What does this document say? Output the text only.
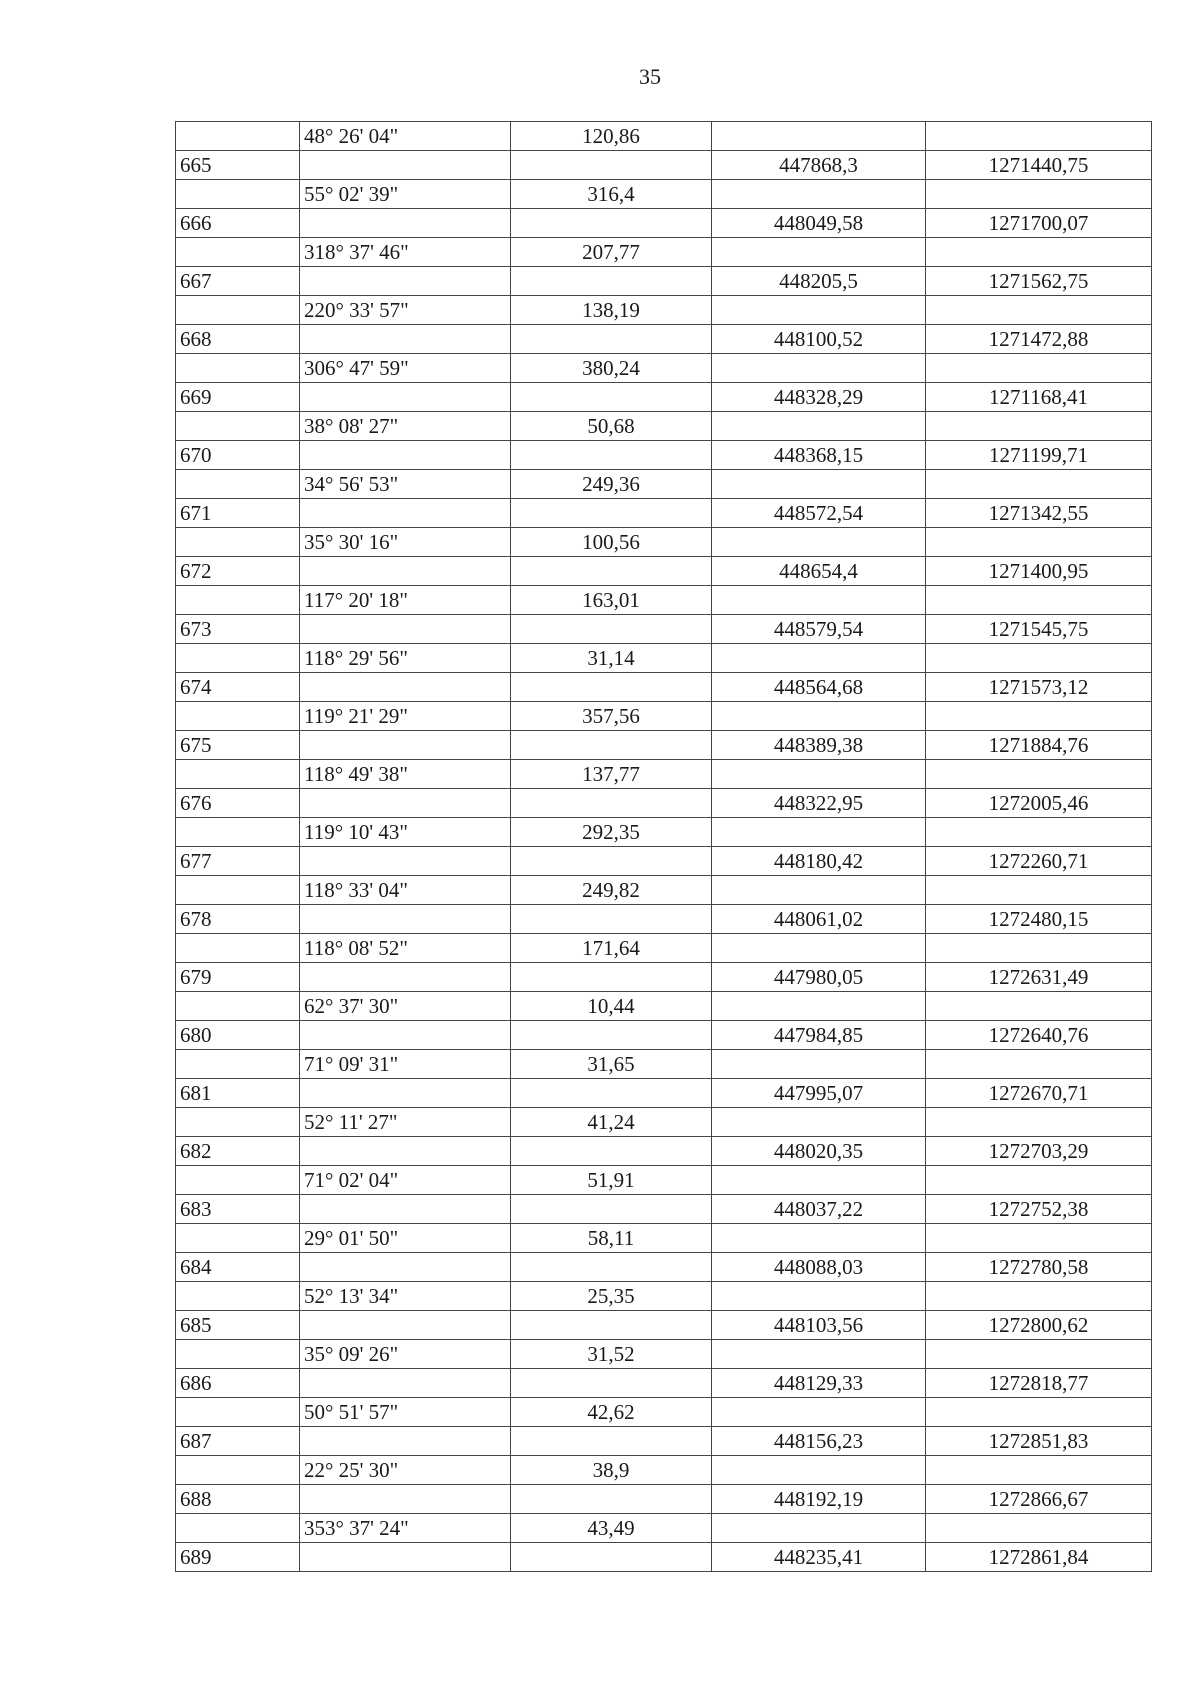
35
	48° 26' 04"	120,86		
665			447868,3	1271440,75
	55° 02' 39"	316,4		
666			448049,58	1271700,07
	318° 37' 46"	207,77		
667			448205,5	1271562,75
	220° 33' 57"	138,19		
668			448100,52	1271472,88
	306° 47' 59"	380,24		
669			448328,29	1271168,41
	38° 08' 27"	50,68		
670			448368,15	1271199,71
	34° 56' 53"	249,36		
671			448572,54	1271342,55
	35° 30' 16"	100,56		
672			448654,4	1271400,95
	117° 20' 18"	163,01		
673			448579,54	1271545,75
	118° 29' 56"	31,14		
674			448564,68	1271573,12
	119° 21' 29"	357,56		
675			448389,38	1271884,76
	118° 49' 38"	137,77		
676			448322,95	1272005,46
	119° 10' 43"	292,35		
677			448180,42	1272260,71
	118° 33' 04"	249,82		
678			448061,02	1272480,15
	118° 08' 52"	171,64		
679			447980,05	1272631,49
	62° 37' 30"	10,44		
680			447984,85	1272640,76
	71° 09' 31"	31,65		
681			447995,07	1272670,71
	52° 11' 27"	41,24		
682			448020,35	1272703,29
	71° 02' 04"	51,91		
683			448037,22	1272752,38
	29° 01' 50"	58,11		
684			448088,03	1272780,58
	52° 13' 34"	25,35		
685			448103,56	1272800,62
	35° 09' 26"	31,52		
686			448129,33	1272818,77
	50° 51' 57"	42,62		
687			448156,23	1272851,83
	22° 25' 30"	38,9		
688			448192,19	1272866,67
	353° 37' 24"	43,49		
689			448235,41	1272861,84
